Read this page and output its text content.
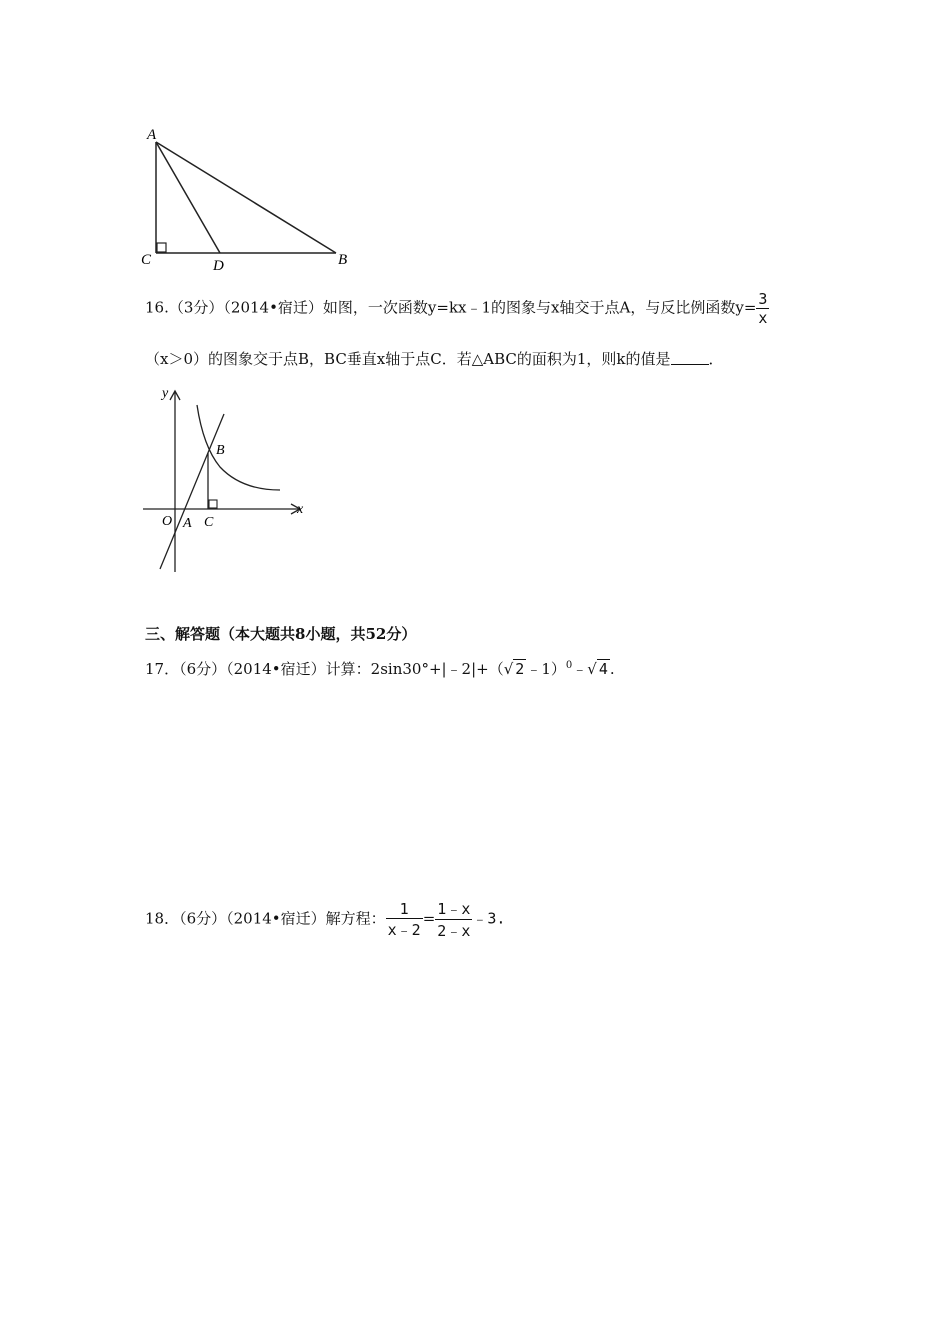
A
C	D	B
16.（3分）（2014•宿迁）如图，一次函数y=kx﹣1的图象与x轴交于点A，与反比例函数$y= \frac{3}{x}$
（x＞0）的图象交于点B，BC垂直x轴于点C．若△ABC的面积为1，则k的值是	．
y
x
O A
B
C
三、解答题（本大题共8小题，共52分）
17．（6分）（2014•宿迁）计算：2sin30°+|﹣2|+（√ 2 ﹣1）$^0$﹣√ 4 .
18．（6分）（2014•宿迁）解方程： $\frac{1}{x﹣2} = \frac{1﹣x}{2﹣x}$ ﹣3.
